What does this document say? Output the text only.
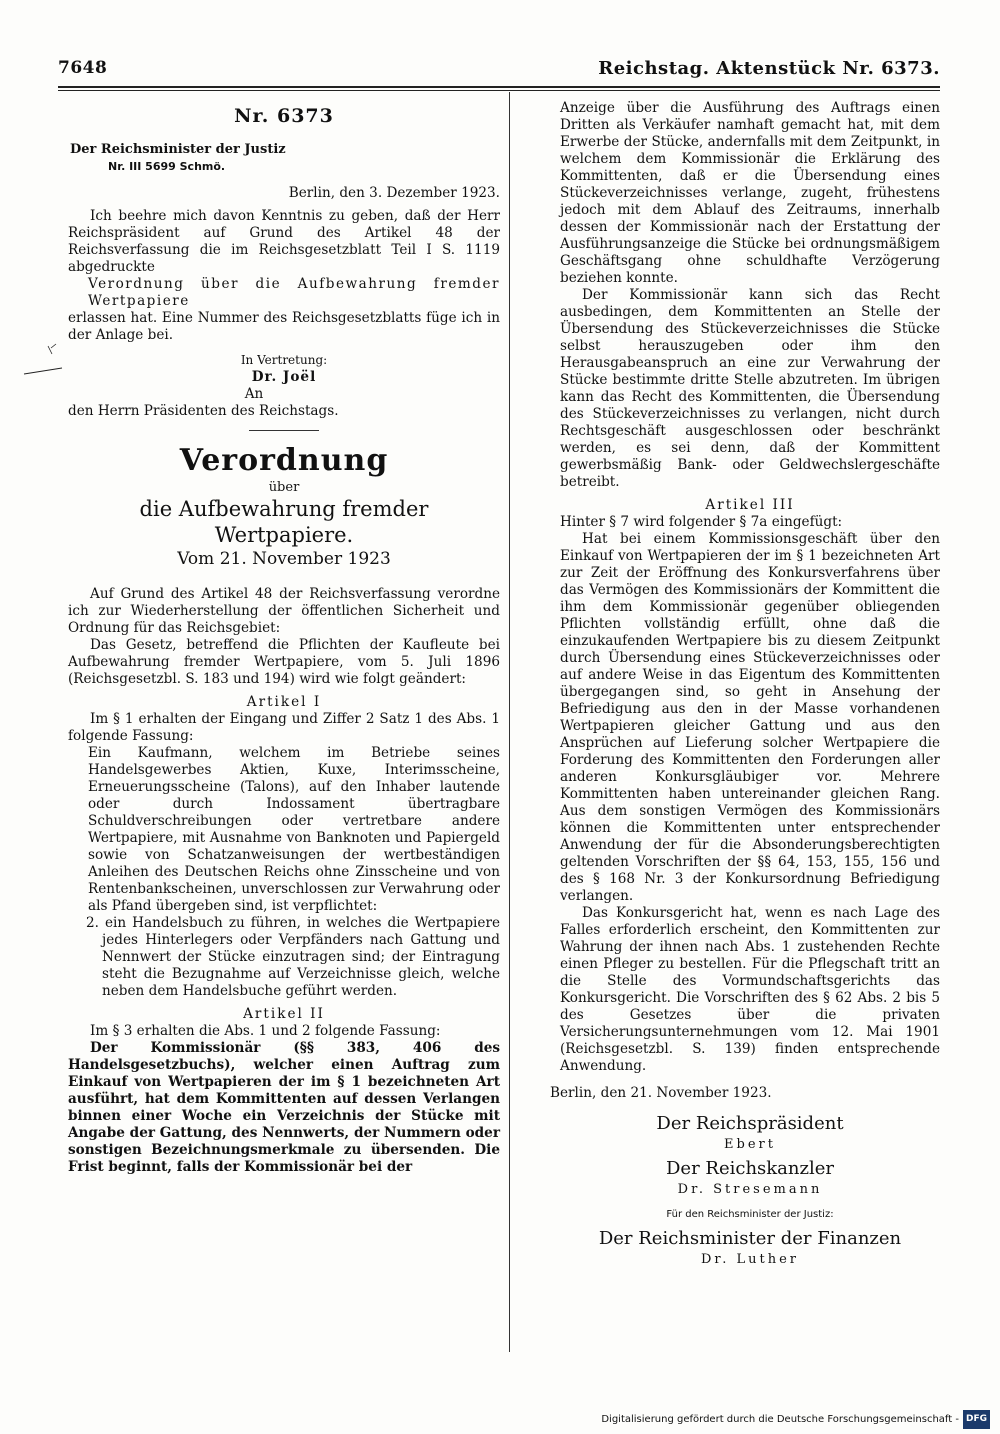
7648	Reichstag. Aktenstück Nr. 6373.
Nr. 6373
Der Reichsminister der Justiz
Nr. III 5699 Schmö.

Berlin, den 3. Dezember 1923.

Ich beehre mich davon Kenntnis zu geben, daß der Herr Reichspräsident auf Grund des Artikel 48 der Reichsverfassung die im Reichsgesetzblatt Teil I S. 1119 abgedruckte

Verordnung über die Aufbewahrung fremder Wertpapiere

erlassen hat. Eine Nummer des Reichsgesetzblatts füge ich in der Anlage bei.

In Vertretung:

Dr. Joël

An

den Herrn Präsidenten des Reichstags.

Verordnung
über
die Aufbewahrung fremder Wertpapiere.
Vom 21. November 1923

Auf Grund des Artikel 48 der Reichsverfassung verordne ich zur Wiederherstellung der öffentlichen Sicherheit und Ordnung für das Reichsgebiet:

Das Gesetz, betreffend die Pflichten der Kaufleute bei Aufbewahrung fremder Wertpapiere, vom 5. Juli 1896 (Reichsgesetzbl. S. 183 und 194) wird wie folgt geändert:

Artikel I

Im § 1 erhalten der Eingang und Ziffer 2 Satz 1 des Abs. 1 folgende Fassung:

Ein Kaufmann, welchem im Betriebe seines Handelsgewerbes Aktien, Kuxe, Interimsscheine, Erneuerungsscheine (Talons), auf den Inhaber lautende oder durch Indossament übertragbare Schuldverschreibungen oder vertretbare andere Wertpapiere, mit Ausnahme von Banknoten und Papiergeld sowie von Schatzanweisungen der wertbeständigen Anleihen des Deutschen Reichs ohne Zinsscheine und von Rentenbankscheinen, unverschlossen zur Verwahrung oder als Pfand übergeben sind, ist verpflichtet:

2. ein Handelsbuch zu führen, in welches die Wertpapiere jedes Hinterlegers oder Verpfänders nach Gattung und Nennwert der Stücke einzutragen sind; der Eintragung steht die Bezugnahme auf Verzeichnisse gleich, welche neben dem Handelsbuche geführt werden.

Artikel II

Im § 3 erhalten die Abs. 1 und 2 folgende Fassung:

Der Kommissionär (§§ 383, 406 des Handelsgesetzbuchs), welcher einen Auftrag zum Einkauf von Wertpapieren der im § 1 bezeichneten Art ausführt, hat dem Kommittenten auf dessen Verlangen binnen einer Woche ein Verzeichnis der Stücke mit Angabe der Gattung, des Nennwerts, der Nummern oder sonstigen Bezeichnungsmerkmale zu übersenden. Die Frist beginnt, falls der Kommissionär bei der

Anzeige über die Ausführung des Auftrags einen Dritten als Verkäufer namhaft gemacht hat, mit dem Erwerbe der Stücke, andernfalls mit dem Zeitpunkt, in welchem dem Kommissionär die Erklärung des Kommittenten, daß er die Übersendung eines Stückeverzeichnisses verlange, zugeht, frühestens jedoch mit dem Ablauf des Zeitraums, innerhalb dessen der Kommissionär nach der Erstattung der Ausführungsanzeige die Stücke bei ordnungsmäßigem Geschäftsgang ohne schuldhafte Verzögerung beziehen konnte.

Der Kommissionär kann sich das Recht ausbedingen, dem Kommittenten an Stelle der Übersendung des Stückeverzeichnisses die Stücke selbst herauszugeben oder ihm den Herausgabeanspruch an eine zur Verwahrung der Stücke bestimmte dritte Stelle abzutreten. Im übrigen kann das Recht des Kommittenten, die Übersendung des Stückeverzeichnisses zu verlangen, nicht durch Rechtsgeschäft ausgeschlossen oder beschränkt werden, es sei denn, daß der Kommittent gewerbsmäßig Bank- oder Geldwechslergeschäfte betreibt.

Artikel III

Hinter § 7 wird folgender § 7a eingefügt:

Hat bei einem Kommissionsgeschäft über den Einkauf von Wertpapieren der im § 1 bezeichneten Art zur Zeit der Eröffnung des Konkursverfahrens über das Vermögen des Kommissionärs der Kommittent die ihm dem Kommissionär gegenüber obliegenden Pflichten vollständig erfüllt, ohne daß die einzukaufenden Wertpapiere bis zu diesem Zeitpunkt durch Übersendung eines Stückeverzeichnisses oder auf andere Weise in das Eigentum des Kommittenten übergegangen sind, so geht in Ansehung der Befriedigung aus den in der Masse vorhandenen Wertpapieren gleicher Gattung und aus den Ansprüchen auf Lieferung solcher Wertpapiere die Forderung des Kommittenten den Forderungen aller anderen Konkursgläubiger vor. Mehrere Kommittenten haben untereinander gleichen Rang. Aus dem sonstigen Vermögen des Kommissionärs können die Kommittenten unter entsprechender Anwendung der für die Absonderungsberechtigten geltenden Vorschriften der §§ 64, 153, 155, 156 und des § 168 Nr. 3 der Konkursordnung Befriedigung verlangen.

Das Konkursgericht hat, wenn es nach Lage des Falles erforderlich erscheint, den Kommittenten zur Wahrung der ihnen nach Abs. 1 zustehenden Rechte einen Pfleger zu bestellen. Für die Pflegschaft tritt an die Stelle des Vormundschaftsgerichts das Konkursgericht. Die Vorschriften des § 62 Abs. 2 bis 5 des Gesetzes über die privaten Versicherungsunternehmungen vom 12. Mai 1901 (Reichsgesetzbl. S. 139) finden entsprechende Anwendung.

Berlin, den 21. November 1923.

Der Reichspräsident
Ebert
Der Reichskanzler
Dr. Stresemann
Für den Reichsminister der Justiz:
Der Reichsminister der Finanzen
Dr. Luther
Digitalisierung gefördert durch die Deutsche Forschungsgemeinschaft - DFG
